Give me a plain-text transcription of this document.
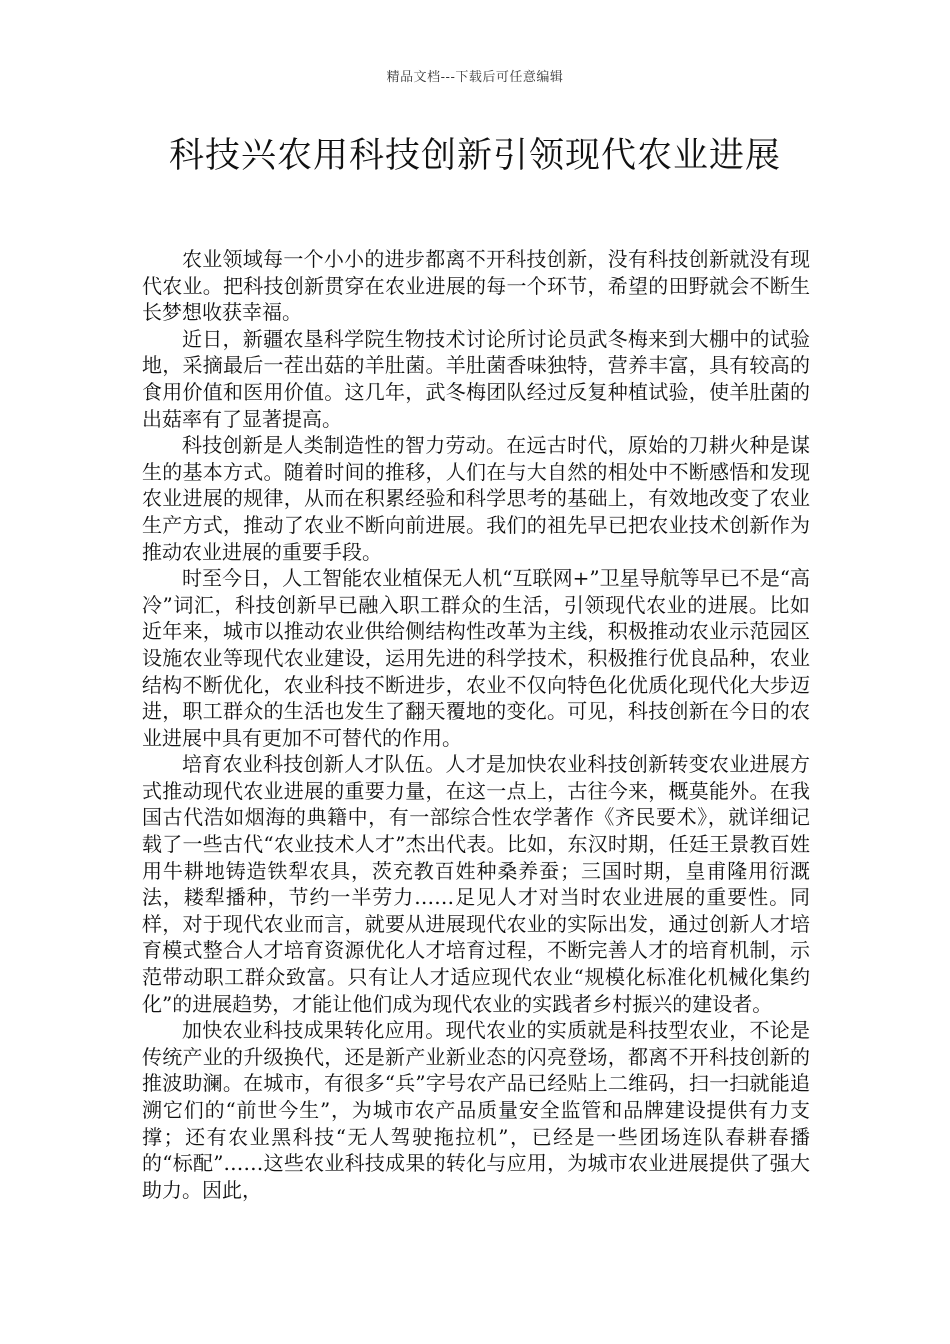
精品文档---下载后可任意编辑
科技兴农用科技创新引领现代农业进展

农业领域每一个小小的进步都离不开科技创新，没有科技创新就没有现代农业。把科技创新贯穿在农业进展的每一个环节，希望的田野就会不断生长梦想收获幸福。

近日，新疆农垦科学院生物技术讨论所讨论员武冬梅来到大棚中的试验地，采摘最后一茬出菇的羊肚菌。羊肚菌香味独特，营养丰富，具有较高的食用价值和医用价值。这几年，武冬梅团队经过反复种植试验，使羊肚菌的出菇率有了显著提高。

科技创新是人类制造性的智力劳动。在远古时代，原始的刀耕火种是谋生的基本方式。随着时间的推移，人们在与大自然的相处中不断感悟和发现农业进展的规律，从而在积累经验和科学思考的基础上，有效地改变了农业生产方式，推动了农业不断向前进展。我们的祖先早已把农业技术创新作为推动农业进展的重要手段。

时至今日，人工智能农业植保无人机“互联网+”卫星导航等早已不是“高冷”词汇，科技创新早已融入职工群众的生活，引领现代农业的进展。比如近年来，城市以推动农业供给侧结构性改革为主线，积极推动农业示范园区设施农业等现代农业建设，运用先进的科学技术，积极推行优良品种，农业结构不断优化，农业科技不断进步，农业不仅向特色化优质化现代化大步迈进，职工群众的生活也发生了翻天覆地的变化。可见，科技创新在今日的农业进展中具有更加不可替代的作用。

培育农业科技创新人才队伍。人才是加快农业科技创新转变农业进展方式推动现代农业进展的重要力量，在这一点上，古往今来，概莫能外。在我国古代浩如烟海的典籍中，有一部综合性农学著作《齐民要术》，就详细记载了一些古代“农业技术人才”杰出代表。比如，东汉时期，任廷王景教百姓用牛耕地铸造铁犁农具，茨充教百姓种桑养蚕；三国时期，皇甫隆用衍溉法，耧犁播种，节约一半劳力……足见人才对当时农业进展的重要性。同样，对于现代农业而言，就要从进展现代农业的实际出发，通过创新人才培育模式整合人才培育资源优化人才培育过程，不断完善人才的培育机制，示范带动职工群众致富。只有让人才适应现代农业“规模化标准化机械化集约化”的进展趋势，才能让他们成为现代农业的实践者乡村振兴的建设者。

加快农业科技成果转化应用。现代农业的实质就是科技型农业，不论是传统产业的升级换代，还是新产业新业态的闪亮登场，都离不开科技创新的推波助澜。在城市，有很多“兵”字号农产品已经贴上二维码，扫一扫就能追溯它们的“前世今生”，为城市农产品质量安全监管和品牌建设提供有力支撑；还有农业黑科技“无人驾驶拖拉机”，已经是一些团场连队春耕春播的“标配”……这些农业科技成果的转化与应用，为城市农业进展提供了强大助力。因此，
